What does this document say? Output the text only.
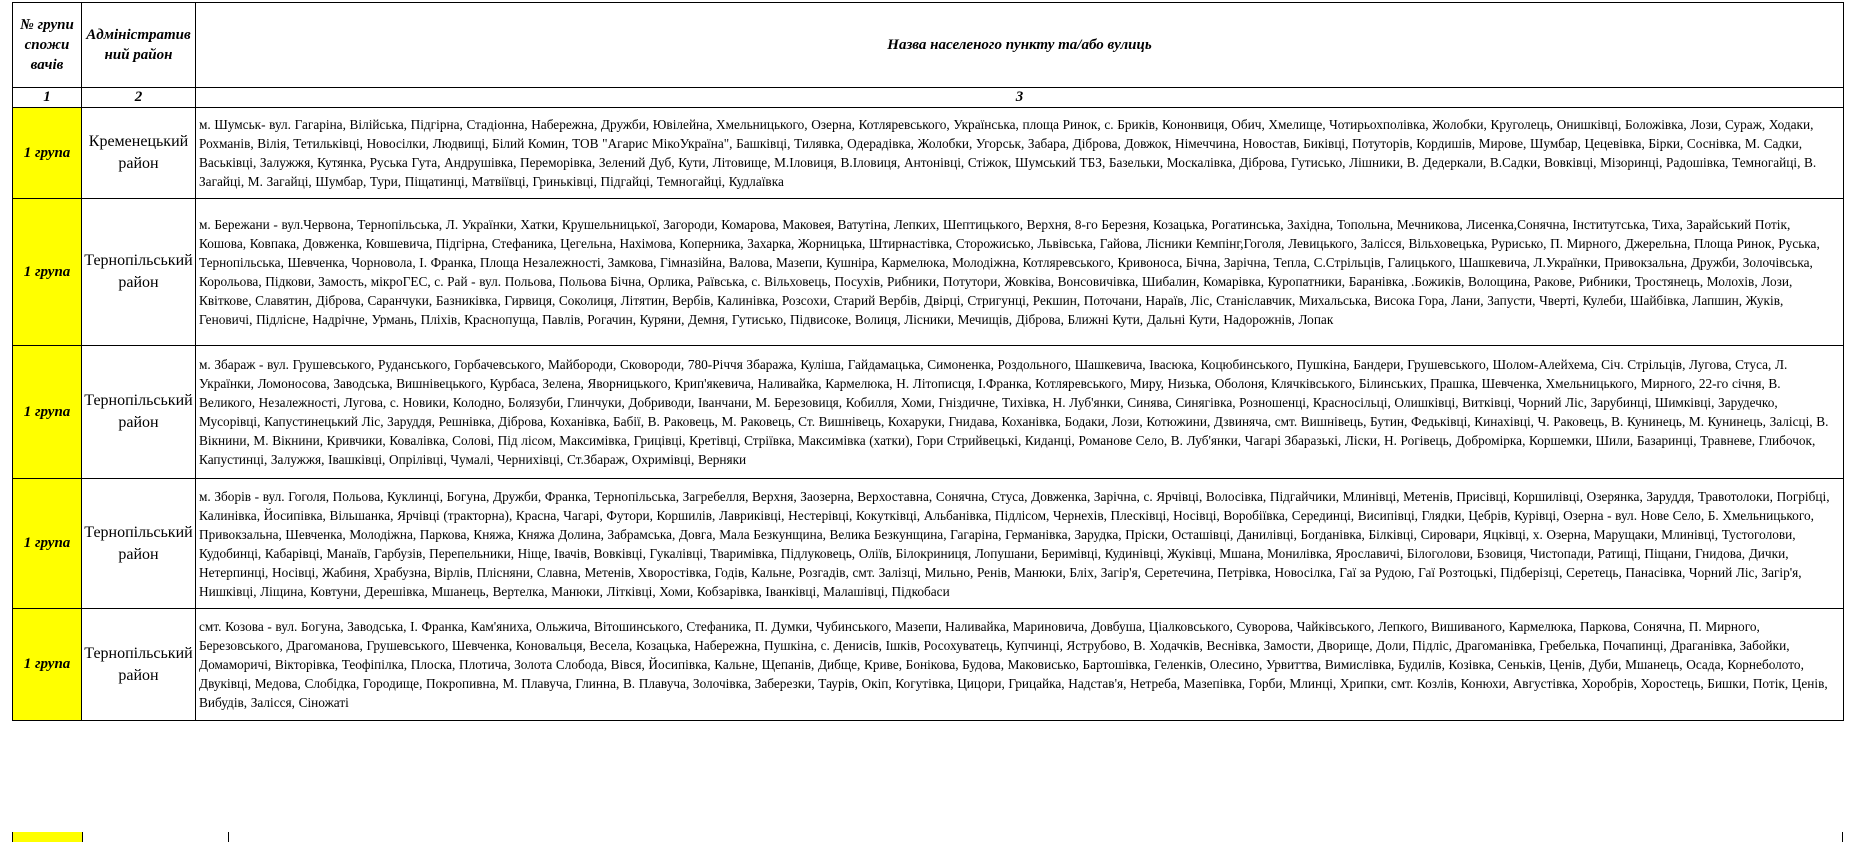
№ групи спожи вачів	Адміністратив ний район	Назва населеного пункту та/або вулиць
1	2	3
1 група	Кременецький район	м. Шумськ- вул. Гагаріна, Вілійська, Підгірна, Стадіонна, Набережна, Дружби, Ювілейна, Хмельницького, Озерна, Котляревського, Українська, площа Ринок, с. Бриків, Кононвиця, Обич, Хмелище, Чотирьохполівка, Жолобки, Круголець, Онишківці, Боложівка, Лози, Сураж, Ходаки, Рохманів, Вілія, Тетильківці, Новосілки, Людвищі, Білий Комин, ТОВ "Агарис МікоУкраїна", Башківці, Тилявка, Одерадівка, Жолобки, Угорськ, Забара, Діброва, Довжок, Німеччина, Новостав, Биківці, Потуторів, Кордишів, Мирове, Шумбар, Цецевівка, Бірки, Соснівка, М. Садки, Васьківці, Залужжя, Кутянка, Руська Гута, Андрушівка, Переморівка, Зелений Дуб, Кути, Літовище, М.Іловиця, В.Іловиця, Антонівці, Стіжок, Шумський ТБЗ, Базельки, Москалівка, Діброва, Гутисько, Лішники, В. Дедеркали, В.Садки, Вовківці, Мізоринці, Радошівка, Темногайці, В. Загайці, М. Загайці, Шумбар, Тури, Піщатинці, Матвіївці, Гриньківці, Підгайці, Темногайці, Кудлаївка
1 група	Тернопільський район	м. Бережани - вул.Червона, Тернопільська, Л. Українки, Хатки, Крушельницької, Загороди, Комарова, Маковея, Ватутіна, Лепких, Шептицького, Верхня, 8-го Березня, Козацька, Рогатинська, Західна, Топольна, Мечникова, Лисенка,Сонячна, Інститутська, Тиха, Зарайський Потік, Кошова, Ковпака, Довженка, Ковшевича, Підгірна, Стефаника, Цегельна, Нахімова, Коперника, Захарка, Жорницька, Штирнастівка, Сторожисько, Львівська, Гайова, Лісники Кемпінг,Гоголя, Левицького, Залісся, Вільховецька, Рурисько, П. Мирного, Джерельна, Площа Ринок, Руська, Тернопільська, Шевченка, Чорновола, І. Франка, Площа Незалежності, Замкова, Гімназійна, Валова, Мазепи, Кушніра, Кармелюка, Молодіжна, Котляревського, Кривоноса, Бічна, Зарічна, Тепла, С.Стрільців, Галицького, Шашкевича, Л.Українки, Привокзальна, Дружби, Золочівська, Корольова, Підкови, Замость, мікроГЕС, с. Рай - вул. Польова, Польова Бічна, Орлика, Раївська, с. Вільховець, Посухів, Рибники, Потутори, Жовківа, Вонсовичівка, Шибалин, Комарівка, Куропатники, Баранівка, .Божиків, Волощина, Ракове, Рибники, Тростянець, Молохів, Лози, Квіткове, Славятин, Діброва, Саранчуки, Базниківка, Гирвиця, Соколиця, Літятин, Вербів, Калинівка, Розсохи, Старий Вербів, Двірці, Стригунці, Рекшин, Поточани, Нараїв, Ліс, Станіславчик, Михальська, Висока Гора, Лани, Запусти, Чверті, Кулеби, Шайбівка, Лапшин, Жуків, Геновичі, Підлісне, Надрічне, Урмань, Пліхів, Краснопуща, Павлів, Рогачин, Куряни, Демня, Гутисько, Підвисоке, Волиця, Лісники, Мечищів, Діброва, Ближні Кути, Дальні Кути, Надорожнів, Лопак
1 група	Тернопільський район	м. Збараж - вул. Грушевського, Руданського, Горбачевського, Майбороди, Сковороди, 780-Річчя Збаража, Куліша, Гайдамацька, Симоненка, Роздольного, Шашкевича, Івасюка, Коцюбинського, Пушкіна, Бандери, Грушевського, Шолом-Алейхема, Січ. Стрільців, Лугова, Стуса, Л. Українки, Ломоносова, Заводська, Вишнівецького, Курбаса, Зелена, Яворницького, Крип'якевича, Наливайка, Кармелюка, Н. Літописця, І.Франка, Котляревського, Миру, Низька, Оболоня, Клячківського, Білинських, Прашка, Шевченка, Хмельницького, Мирного, 22-го січня, В. Великого, Незалежності, Лугова, с. Новики, Колодно, Болязуби, Глинчуки, Добриводи, Іванчани, М. Березовиця, Кобилля, Хоми, Гніздичне, Тихівка, Н. Луб'янки, Синява, Синягівка, Розношенці, Красносільці, Олишківці, Витківці, Чорний Ліс, Зарубинці, Шимківці, Зарудечко, Мусорівці, Капустинецький Ліс, Заруддя, Решнівка, Діброва, Коханівка, Бабії, В. Раковець, М. Раковець, Ст. Вишнівець, Кохаруки, Гнидава, Коханівка, Бодаки, Лози, Котюжини, Дзвиняча, смт. Вишнівець, Бутин, Федьківці, Кинахівці, Ч. Раковець, В. Кунинець, М. Кунинець, Залісці, В. Вікнини, М. Вікнини, Кривчики, Ковалівка, Солові, Під лісом, Максимівка, Грицівці, Кретівці, Стріївка, Максимівка (хатки), Гори Стрийвецькі, Киданці, Романове Село, В. Луб'янки, Чагарі Збаразькі, Ліски, Н. Рогівець, Добромірка, Коршемки, Шили, Базаринці, Травневе, Глибочок, Капустинці, Залужжя, Івашківці, Опрілівці, Чумалі, Чернихівці, Ст.Збараж, Охримівці, Верняки
1 група	Тернопільський район	м. Зборів - вул. Гоголя, Польова, Куклинці, Богуна, Дружби, Франка, Тернопільська, Загребелля, Верхня, Заозерна, Верхоставна, Сонячна, Стуса, Довженка, Зарічна, с. Ярчівці, Волосівка, Підгайчики, Млинівці, Метенів, Присівці, Коршилівці, Озерянка, Заруддя, Травотолоки, Погрібці, Калинівка, Йосипівка, Вільшанка, Ярчівці (тракторна), Красна, Чагарі, Футори, Коршилів, Лавриківці, Нестерівці, Кокутківці, Альбанівка, Підлісом, Чернехів, Плесківці, Носівці, Воробіївка, Серединці, Висипівці, Глядки, Цебрів, Курівці, Озерна - вул. Нове Село, Б. Хмельницького, Привокзальна, Шевченка, Молодіжна, Паркова, Княжа, Княжа Долина, Забрамська, Довга, Мала Безкунщина, Велика Безкунщина, Гагаріна, Германівка, Зарудка, Пріски, Осташівці, Данилівці, Богданівка, Білківці, Сировари, Яцківці, х. Озерна, Марущаки, Млинівці, Тустоголови, Кудобинці, Кабарівці, Манаїв, Гарбузів, Перепельники, Ніще, Івачів, Вовківці, Гукалівці, Тваримівка, Підлуковець, Оліїв, Білокриниця, Лопушани, Беримівці, Кудинівці, Жуківці, Мшана, Монилівка, Ярославичі, Білоголови, Бзовиця, Чистопади, Ратищі, Піщани, Гнидова, Дички, Нетерпинці, Носівці, Жабиня, Храбузна, Вірлів, Плісняни, Славна, Метенів, Хворостівка, Годів, Кальне, Розгадів, смт. Залізці, Мильно, Ренів, Манюки, Бліх, Загір'я, Серетечина, Петрівка, Новосілка, Гаї за Рудою, Гаї Розтоцькі, Підберізці, Серетець, Панасівка, Чорний Ліс, Загір'я, Нишківці, Ліщина, Ковтуни, Дерешівка, Мшанець, Вертелка, Манюки, Літківці, Хоми, Кобзарівка, Іванківці, Малашівці, Підкобаси
1 група	Тернопільський район	смт. Козова - вул. Богуна, Заводська, І. Франка, Кам'яниха, Ольжича, Вітошинського, Стефаника, П. Думки, Чубинського, Мазепи, Наливайка, Мариновича, Довбуша, Ціалковського, Суворова, Чайківського, Лепкого, Вишиваного, Кармелюка, Паркова, Сонячна, П. Мирного, Березовського, Драгоманова, Грушевського, Шевченка, Коновальця, Весела, Козацька, Набережна, Пушкіна, с. Денисів, Ішків, Росохуватець, Купчинці, Яструбово, В. Ходачків, Веснівка, Замости, Дворище, Доли, Підліс, Драгоманівка, Гребелька, Почапинці, Драганівка, Забойки, Домаморичі, Вікторівка, Теофіпілка, Плоска, Плотича, Золота Слобода, Вівся, Йосипівка, Кальне, Щепанів, Дибще, Криве, Бонікова, Будова, Маковисько, Бартошівка, Геленків, Олесино, Урвиттва, Вимислівка, Будилів, Козівка, Сеньків, Ценів, Дуби, Мшанець, Осада, Корнеболото, Двуківці, Медова, Слобідка, Городище, Покропивна, М. Плавуча, Глинна, В. Плавуча, Золочівка, Заберезки, Таурів, Окіп, Когутівка, Цицори, Грицайка, Надстав'я, Нетреба, Мазепівка, Горби, Млинці, Хрипки, смт. Козлів, Конюхи, Августівка, Хоробрів, Хоростець, Бишки, Потік, Ценів, Вибудів, Залісся, Сіножаті
